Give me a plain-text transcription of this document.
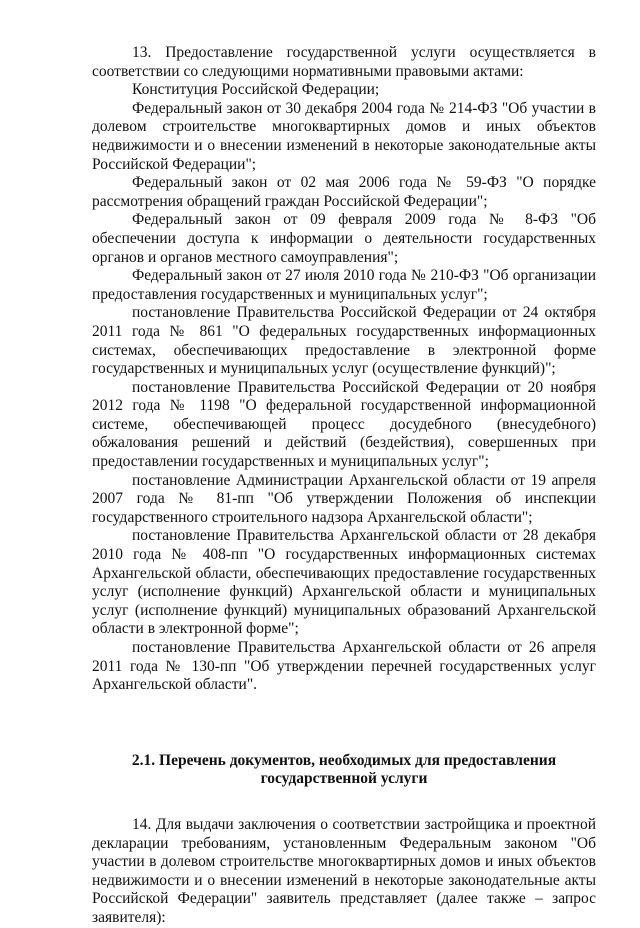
13. Предоставление государственной услуги осуществляется в соответствии со следующими нормативными правовыми актами:

Конституция Российской Федерации;

Федеральный закон от 30 декабря 2004 года № 214-ФЗ "Об участии в долевом строительстве многоквартирных домов и иных объектов недвижимости и о внесении изменений в некоторые законодательные акты Российской Федерации";

Федеральный закон от 02 мая 2006 года № 59-ФЗ "О порядке рассмотрения обращений граждан Российской Федерации";

Федеральный закон от 09 февраля 2009 года № 8-ФЗ "Об обеспечении доступа к информации о деятельности государственных органов и органов местного самоуправления";

Федеральный закон от 27 июля 2010 года № 210-ФЗ "Об организации предоставления государственных и муниципальных услуг";

постановление Правительства Российской Федерации от 24 октября 2011 года № 861 "О федеральных государственных информационных системах, обеспечивающих предоставление в электронной форме государственных и муниципальных услуг (осуществление функций)";

постановление Правительства Российской Федерации от 20 ноября 2012 года № 1198 "О федеральной государственной информационной системе, обеспечивающей процесс досудебного (внесудебного) обжалования решений и действий (бездействия), совершенных при предоставлении государственных и муниципальных услуг";

постановление Администрации Архангельской области от 19 апреля 2007 года № 81-пп "Об утверждении Положения об инспекции государственного строительного надзора Архангельской области";

постановление Правительства Архангельской области от 28 декабря 2010 года № 408-пп "О государственных информационных системах Архангельской области, обеспечивающих предоставление государственных услуг (исполнение функций) Архангельской области и муниципальных услуг (исполнение функций) муниципальных образований Архангельской области в электронной форме";

постановление Правительства Архангельской области от 26 апреля 2011 года № 130-пп "Об утверждении перечней государственных услуг Архангельской области".

2.1. Перечень документов, необходимых для предоставления государственной услуги

14. Для выдачи заключения о соответствии застройщика и проектной декларации требованиям, установленным Федеральным законом "Об участии в долевом строительстве многоквартирных домов и иных объектов недвижимости и о внесении изменений в некоторые законодательные акты Российской Федерации" заявитель представляет (далее также – запрос заявителя):
